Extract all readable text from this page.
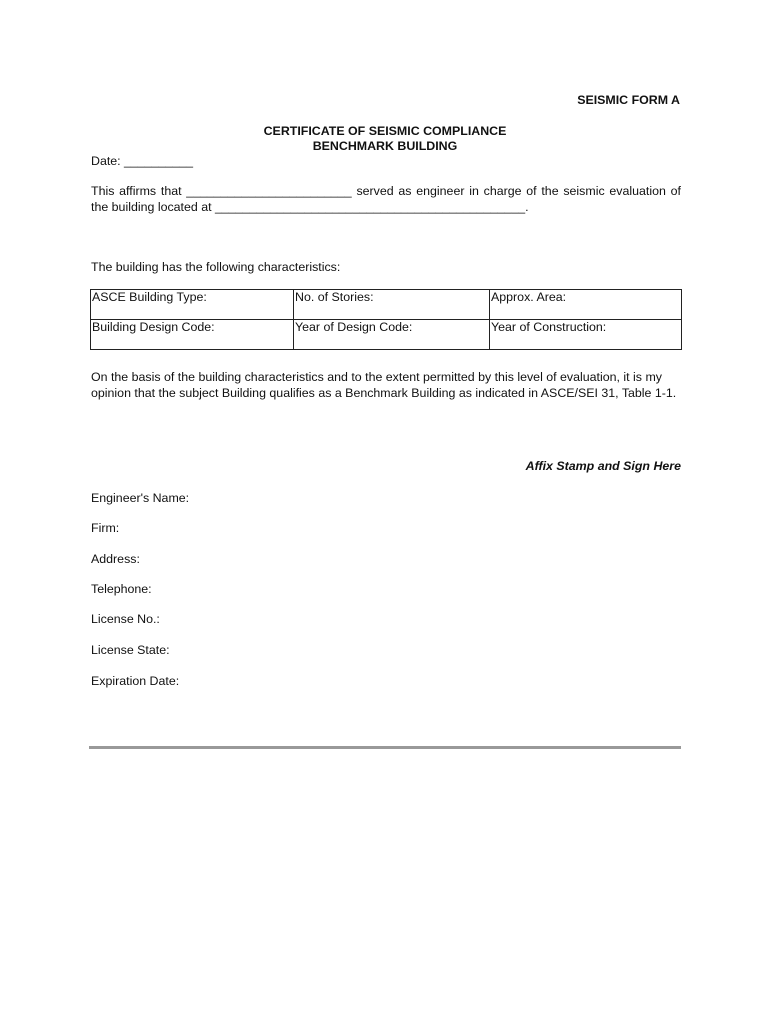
SEISMIC FORM A
CERTIFICATE OF SEISMIC COMPLIANCE
BENCHMARK BUILDING
Date: __________
This affirms that ________________________ served as engineer in charge of the seismic evaluation of the building located at _____________________________________________.
The building has the following characteristics:
ASCE Building Type:	No. of Stories:	Approx. Area:
Building Design Code:	Year of Design Code:	Year of Construction:
On the basis of the building characteristics and to the extent permitted by this level of evaluation, it is my opinion that the subject Building qualifies as a Benchmark Building as indicated in ASCE/SEI 31, Table 1-1.
Affix Stamp and Sign Here
Engineer's Name:
Firm:
Address:
Telephone:
License No.:
License State:
Expiration Date:
